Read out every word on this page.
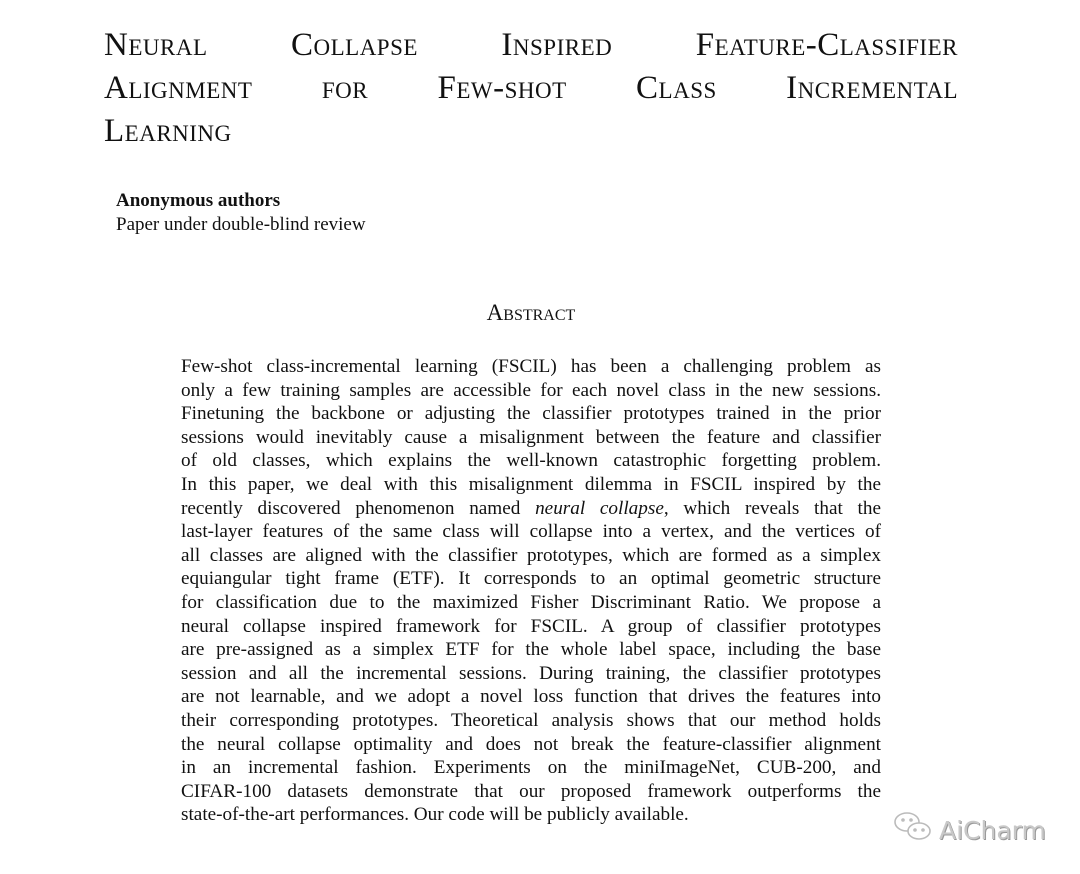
Neural Collapse Inspired Feature-Classifier
Alignment for Few-shot Class Incremental
Learning
Anonymous authors
Paper under double-blind review
Abstract
Few-shot class-incremental learning (FSCIL) has been a challenging problem as
only a few training samples are accessible for each novel class in the new sessions.
Finetuning the backbone or adjusting the classifier prototypes trained in the prior
sessions would inevitably cause a misalignment between the feature and classifier
of old classes, which explains the well-known catastrophic forgetting problem.
In this paper, we deal with this misalignment dilemma in FSCIL inspired by the
recently discovered phenomenon named neural collapse, which reveals that the
last-layer features of the same class will collapse into a vertex, and the vertices of
all classes are aligned with the classifier prototypes, which are formed as a simplex
equiangular tight frame (ETF). It corresponds to an optimal geometric structure
for classification due to the maximized Fisher Discriminant Ratio. We propose a
neural collapse inspired framework for FSCIL. A group of classifier prototypes
are pre-assigned as a simplex ETF for the whole label space, including the base
session and all the incremental sessions. During training, the classifier prototypes
are not learnable, and we adopt a novel loss function that drives the features into
their corresponding prototypes. Theoretical analysis shows that our method holds
the neural collapse optimality and does not break the feature-classifier alignment
in an incremental fashion. Experiments on the miniImageNet, CUB-200, and
CIFAR-100 datasets demonstrate that our proposed framework outperforms the
state-of-the-art performances. Our code will be publicly available.
AiCharm
